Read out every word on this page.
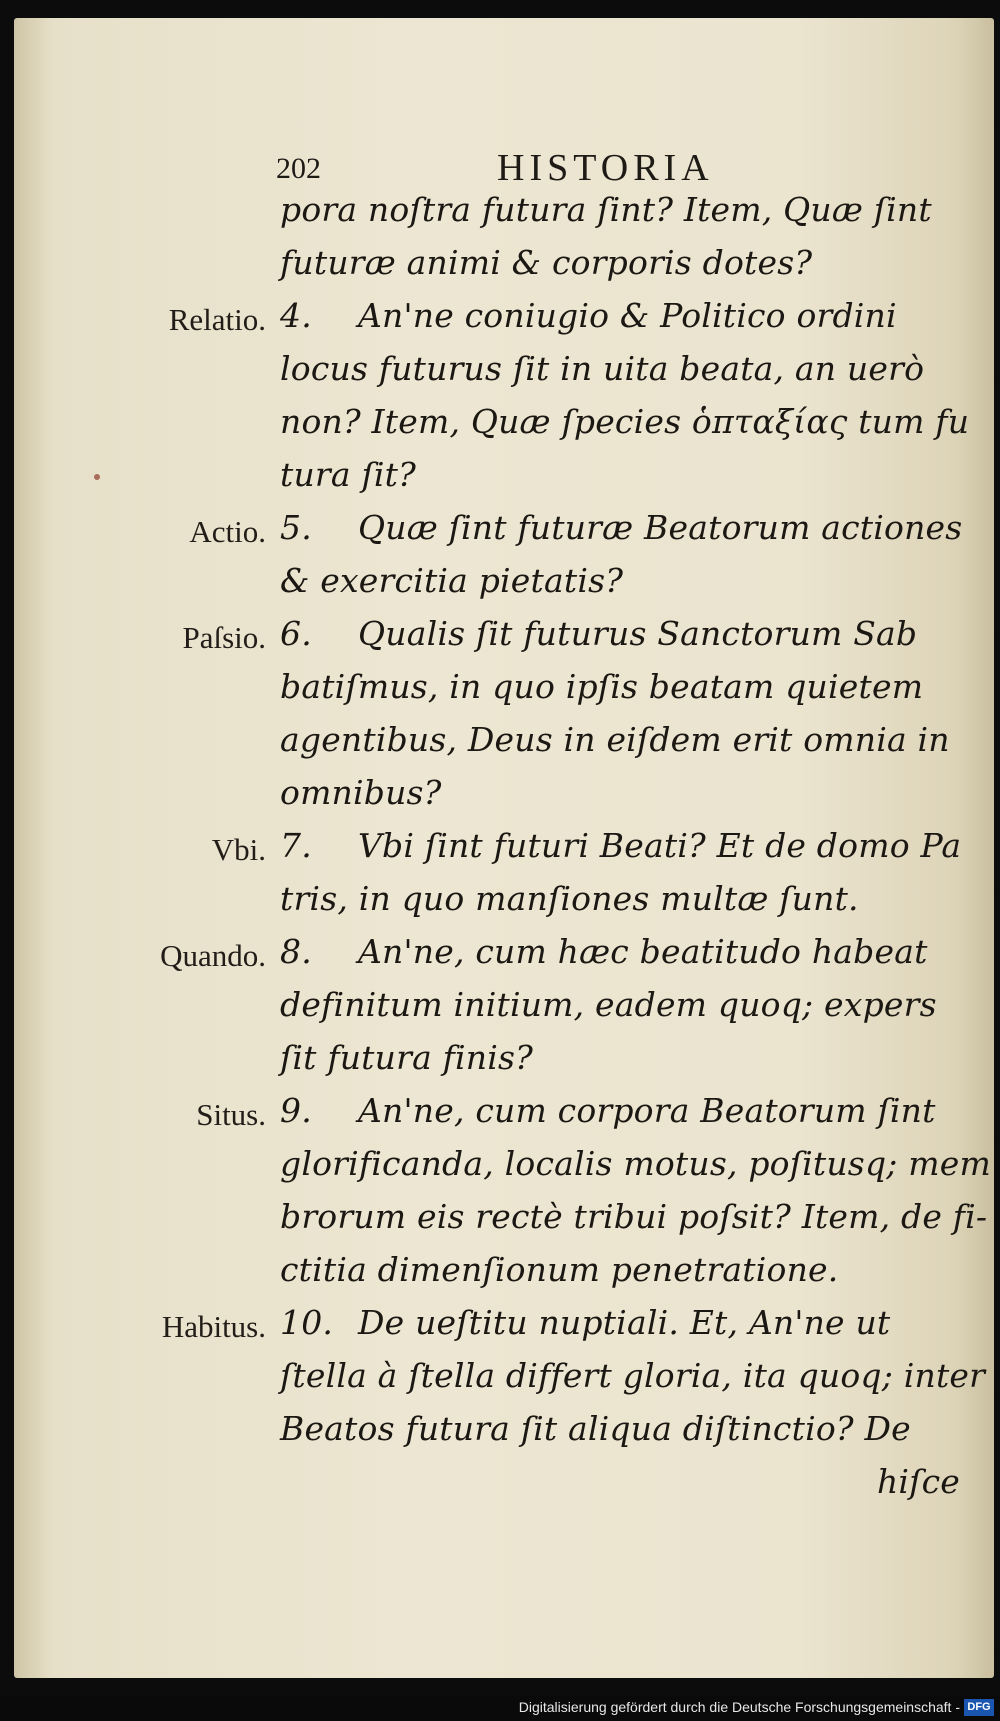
202	HISTORIA
pora noſtra futura ſint? Item, Quæ ſint
futuræ animi & corporis dotes?
Relatio. 4. An'ne coniugio & Politico ordini
locus futurus ſit in uita beata, an uerò
non? Item, Quæ ſpecies ὁπταξίας tum fu
tura ſit?
Actio. 5. Quæ ſint futuræ Beatorum actiones
& exercitia pietatis?
Paſsio. 6. Qualis ſit futurus Sanctorum Sab
batiſmus, in quo ipſis beatam quietem
agentibus, Deus in eiſdem erit omnia in
omnibus?
Vbi. 7. Vbi ſint futuri Beati? Et de domo Pa
tris, in quo manſiones multæ ſunt.
Quando. 8. An'ne, cum hæc beatitudo habeat
definitum initium, eadem quoq; expers
ſit futura finis?
Situs. 9. An'ne, cum corpora Beatorum ſint
glorificanda, localis motus, poſitusq; mem
brorum eis rectè tribui poſsit? Item, de fi-
ctitia dimenſionum penetratione.
Habitus. 10. De ueſtitu nuptiali. Et, An'ne ut
ſtella à ſtella differt gloria, ita quoq; inter
Beatos futura ſit aliqua diſtinctio? De
hiſce
Digitalisierung gefördert durch die Deutsche Forschungsgemeinschaft - DFG
